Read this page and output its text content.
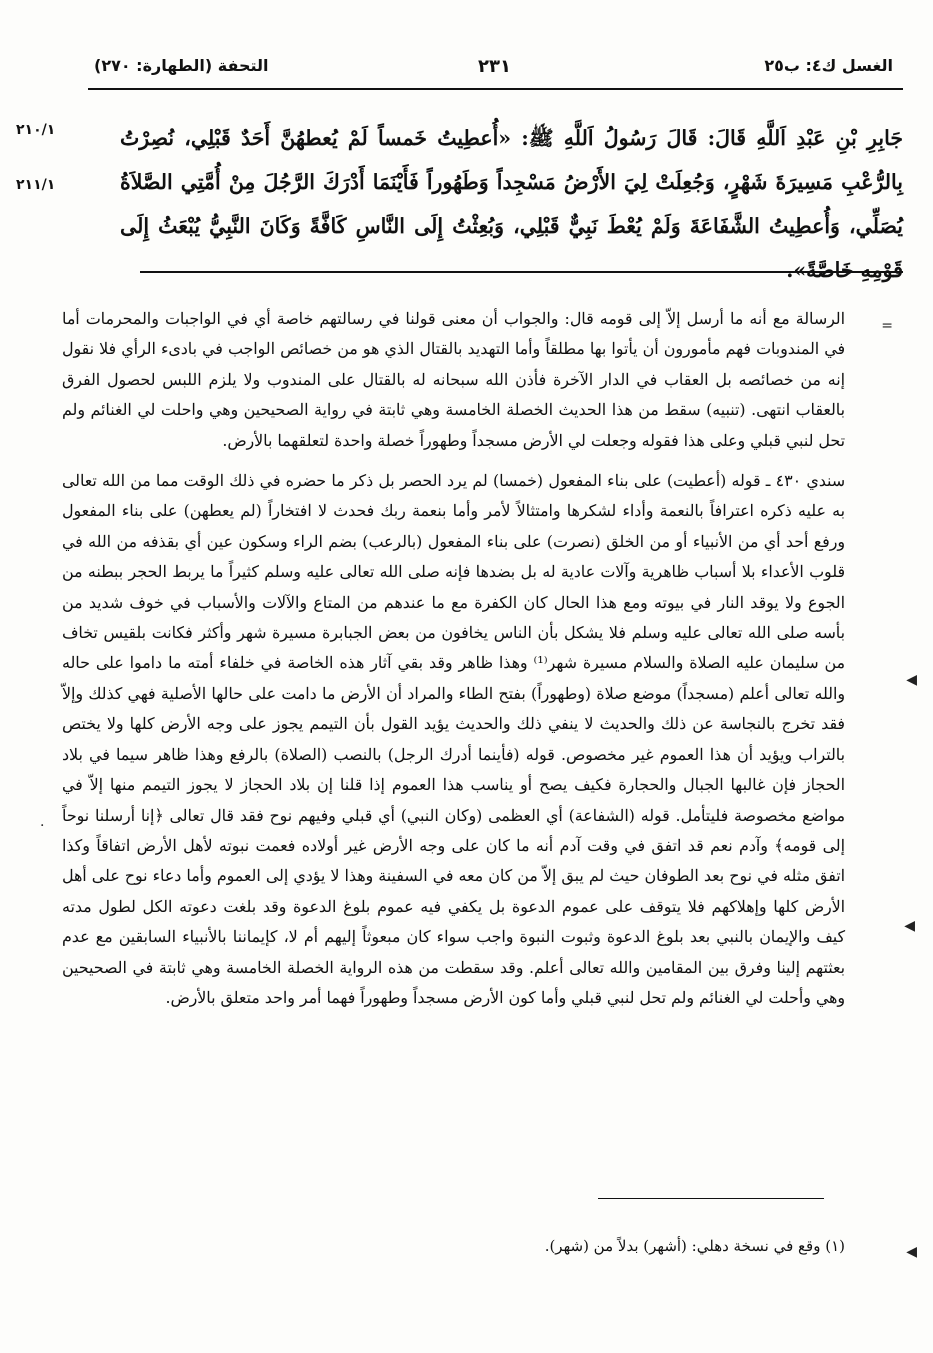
الغسل ك٤: ب٢٥
٢٣١
التحفة (الطهارة: ٢٧٠)
٢١٠/١
٢١١/١

جَابِرِ بْنِ عَبْدِ اَللَّهِ قَالَ: قَالَ رَسُولُ اَللَّهِ ﷺ: «أُعطِيتُ خَمساً لَمْ يُعطهُنَّ أَحَدٌ قَبْلِي، نُصِرْتُ بِالرُّعْبِ مَسِيرَةَ شَهْرٍ، وَجُعِلَتْ لِيَ الأَرْضُ مَسْجِداً وَطَهُوراً فَأَيْنَمَا أَدْرَكَ الرَّجُلَ مِنْ أُمَّتِي الصَّلاَةُ يُصَلِّي، وَأُعطِيتُ الشَّفَاعَةَ وَلَمْ يُعْطَ نَبِيٌّ قَبْلِي، وَبُعِثْتُ إِلَى النَّاسِ كَافَّةً وَكَانَ النَّبِيُّ يُبْعَثُ إِلَى قَوْمِهِ خَاصَّةً».

=
◀
◀
◀
·

الرسالة مع أنه ما أرسل إلاّ إلى قومه قال: والجواب أن معنى قولنا في رسالتهم خاصة أي في الواجبات والمحرمات أما في المندوبات فهم مأمورون أن يأتوا بها مطلقاً وأما التهديد بالقتال الذي هو من خصائص الواجب في بادىء الرأي فلا نقول إنه من خصائصه بل العقاب في الدار الآخرة فأذن الله سبحانه له بالقتال على المندوب ولا يلزم اللبس لحصول الفرق بالعقاب انتهى. (تنبيه) سقط من هذا الحديث الخصلة الخامسة وهي ثابتة في رواية الصحيحين وهي واحلت لي الغنائم ولم تحل لنبي قبلي وعلى هذا فقوله وجعلت لي الأرض مسجداً وطهوراً خصلة واحدة لتعلقهما بالأرض.

سندي ٤٣٠ ـ قوله (أعطيت) على بناء المفعول (خمسا) لم يرد الحصر بل ذكر ما حضره في ذلك الوقت مما من الله تعالى به عليه ذكره اعترافاً بالنعمة وأداء لشكرها وامتثالاً لأمر وأما بنعمة ربك فحدث لا افتخاراً (لم يعطهن) على بناء المفعول ورفع أحد أي من الأنبياء أو من الخلق (نصرت) على بناء المفعول (بالرعب) بضم الراء وسكون عين أي بقذفه من الله في قلوب الأعداء بلا أسباب ظاهرية وآلات عادية له بل بضدها فإنه صلى الله تعالى عليه وسلم كثيراً ما يربط الحجر ببطنه من الجوع ولا يوقد النار في بيوته ومع هذا الحال كان الكفرة مع ما عندهم من المتاع والآلات والأسباب في خوف شديد من بأسه صلى الله تعالى عليه وسلم فلا يشكل بأن الناس يخافون من بعض الجبابرة مسيرة شهر وأكثر فكانت بلقيس تخاف من سليمان عليه الصلاة والسلام مسيرة شهر⁽¹⁾ وهذا ظاهر وقد بقي آثار هذه الخاصة في خلفاء أمته ما داموا على حاله والله تعالى أعلم (مسجداً) موضع صلاة (وطهوراً) بفتح الطاء والمراد أن الأرض ما دامت على حالها الأصلية فهي كذلك وإلاّ فقد تخرج بالنجاسة عن ذلك والحديث لا ينفي ذلك والحديث يؤيد القول بأن التيمم يجوز على وجه الأرض كلها ولا يختص بالتراب ويؤيد أن هذا العموم غير مخصوص. قوله (فأينما أدرك الرجل) بالنصب (الصلاة) بالرفع وهذا ظاهر سيما في بلاد الحجاز فإن غالبها الجبال والحجارة فكيف يصح أو يناسب هذا العموم إذا قلنا إن بلاد الحجاز لا يجوز التيمم منها إلاّ في مواضع مخصوصة فليتأمل. قوله (الشفاعة) أي العظمى (وكان النبي) أي قبلي وفيهم نوح فقد قال تعالى ﴿إنا أرسلنا نوحاً إلى قومه﴾ وآدم نعم قد اتفق في وقت آدم أنه ما كان على وجه الأرض غير أولاده فعمت نبوته لأهل الأرض اتفاقاً وكذا اتفق مثله في نوح بعد الطوفان حيث لم يبق إلاّ من كان معه في السفينة وهذا لا يؤدي إلى العموم وأما دعاء نوح على أهل الأرض كلها وإهلاكهم فلا يتوقف على عموم الدعوة بل يكفي فيه عموم بلوغ الدعوة وقد بلغت دعوته الكل لطول مدته كيف والإيمان بالنبي بعد بلوغ الدعوة وثبوت النبوة واجب سواء كان مبعوثاً إليهم أم لا، كإيماننا بالأنبياء السابقين مع عدم بعثتهم إلينا وفرق بين المقامين والله تعالى أعلم. وقد سقطت من هذه الرواية الخصلة الخامسة وهي ثابتة في الصحيحين وهي وأحلت لي الغنائم ولم تحل لنبي قبلي وأما كون الأرض مسجداً وطهوراً فهما أمر واحد متعلق بالأرض.

(١) وقع في نسخة دهلي: (أشهر) بدلاً من (شهر).
